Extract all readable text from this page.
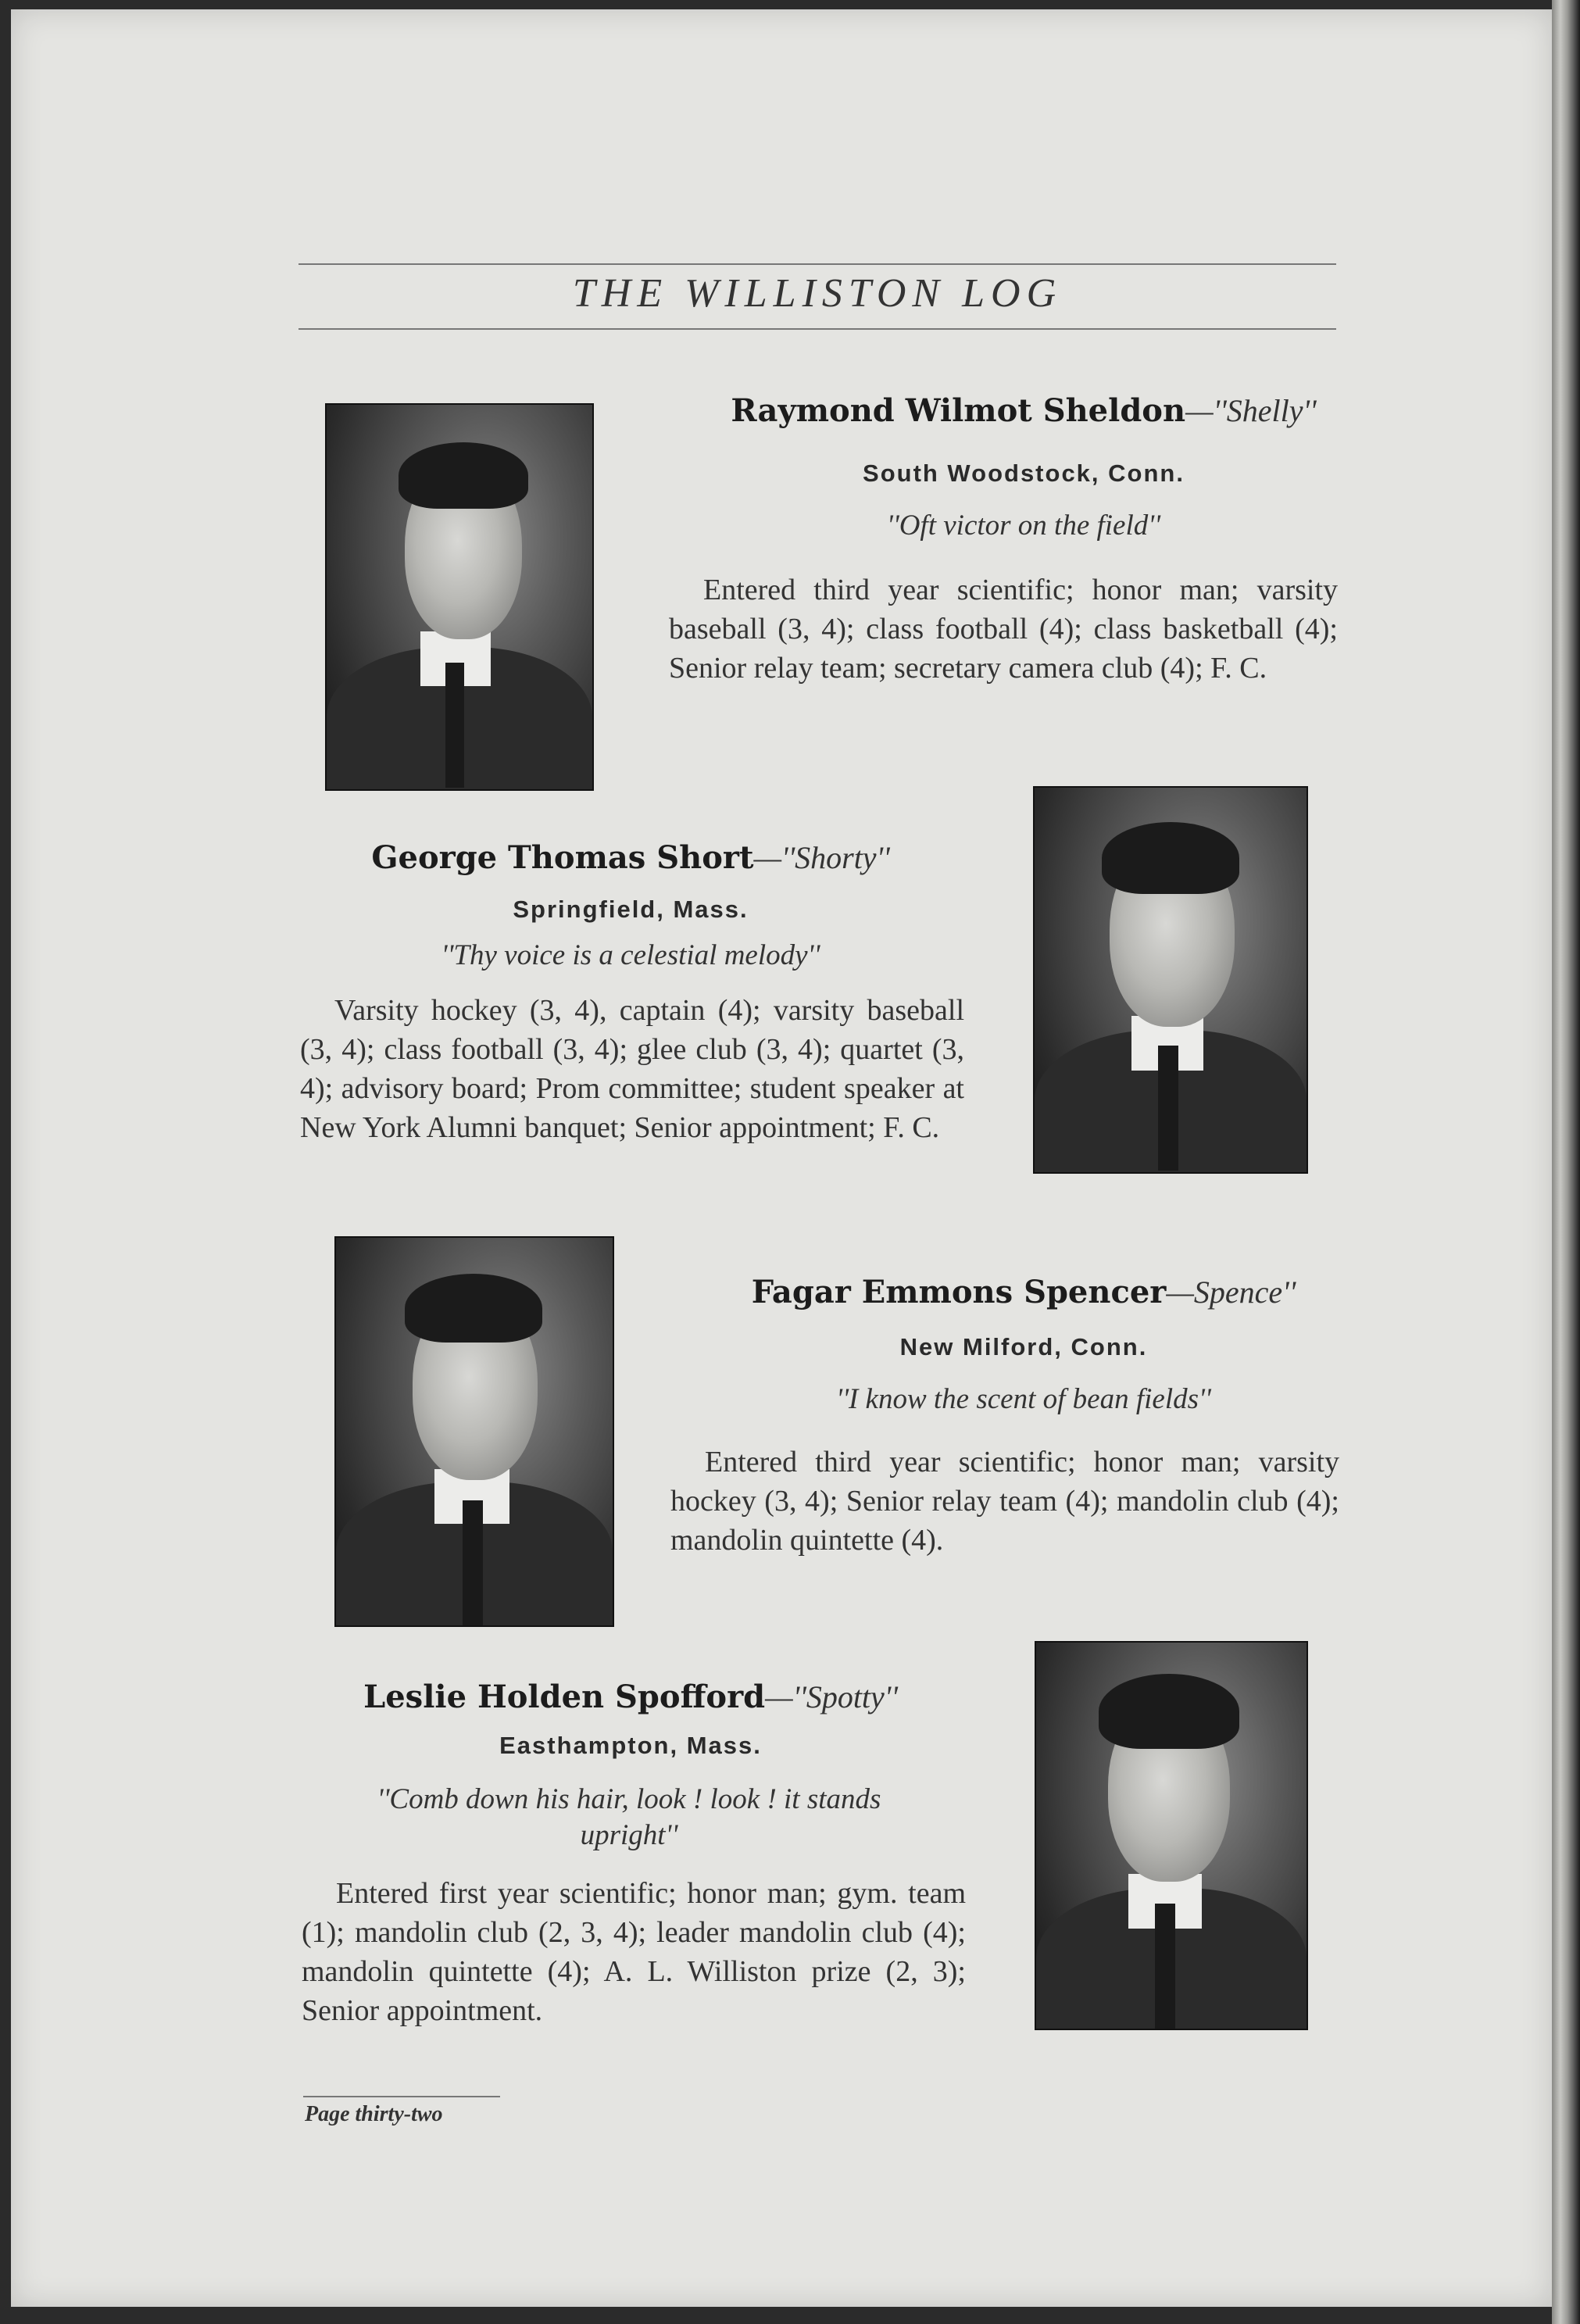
THE WILLISTON LOG
Raymond Wilmot Sheldon—''Shelly''
South Woodstock, Conn.
''Oft victor on the field''
Entered third year scientific; honor man; varsity baseball (3, 4); class football (4); class basketball (4); Senior relay team; secretary camera club (4); F. C.
George Thomas Short—''Shorty''
Springfield, Mass.
''Thy voice is a celestial melody''
Varsity hockey (3, 4), captain (4); varsity baseball (3, 4); class football (3, 4); glee club (3, 4); quartet (3, 4); advisory board; Prom committee; student speaker at New York Alumni banquet; Senior appointment; F. C.
Fagar Emmons Spencer—Spence''
New Milford, Conn.
''I know the scent of bean fields''
Entered third year scientific; honor man; varsity hockey (3, 4); Senior relay team (4); mandolin club (4); mandolin quintette (4).
Leslie Holden Spofford—''Spotty''
Easthampton, Mass.
''Comb down his hair, look ! look ! it stands upright''
Entered first year scientific; honor man; gym. team (1); mandolin club (2, 3, 4); leader mandolin club (4); mandolin quintette (4); A. L. Williston prize (2, 3); Senior appointment.
Page thirty-two
